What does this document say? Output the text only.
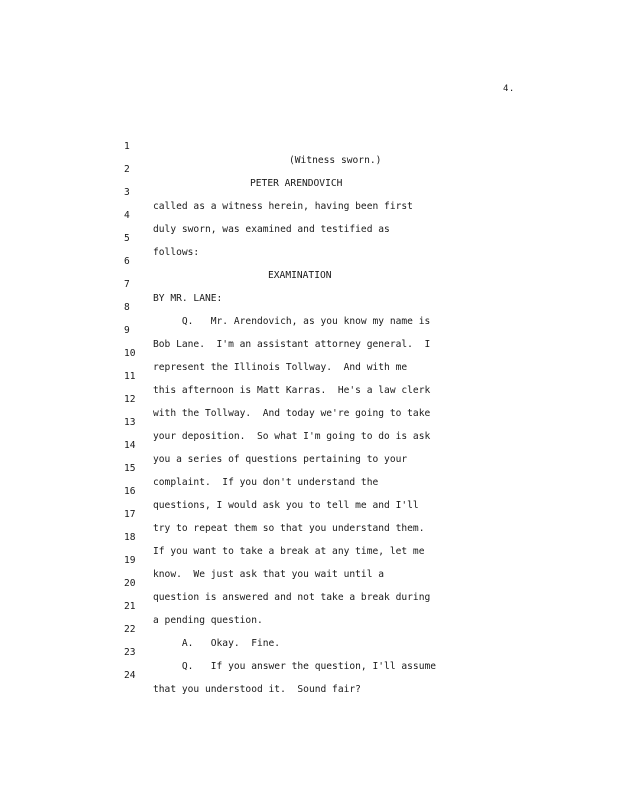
4.

1

(Witness sworn.)

2

PETER ARENDOVICH

3

called as a witness herein, having been first

4

duly sworn, was examined and testified as

5

follows:

6

EXAMINATION

7

BY MR. LANE:

8

Q.   Mr. Arendovich, as you know my name is

9

Bob Lane.  I'm an assistant attorney general.  I

10

represent the Illinois Tollway.  And with me

11

this afternoon is Matt Karras.  He's a law clerk

12

with the Tollway.  And today we're going to take

13

your deposition.  So what I'm going to do is ask

14

you a series of questions pertaining to your

15

complaint.  If you don't understand the

16

questions, I would ask you to tell me and I'll

17

try to repeat them so that you understand them.

18

If you want to take a break at any time, let me

19

know.  We just ask that you wait until a

20

question is answered and not take a break during

21

a pending question.

22

A.   Okay.  Fine.

23

Q.   If you answer the question, I'll assume

24

that you understood it.  Sound fair?
